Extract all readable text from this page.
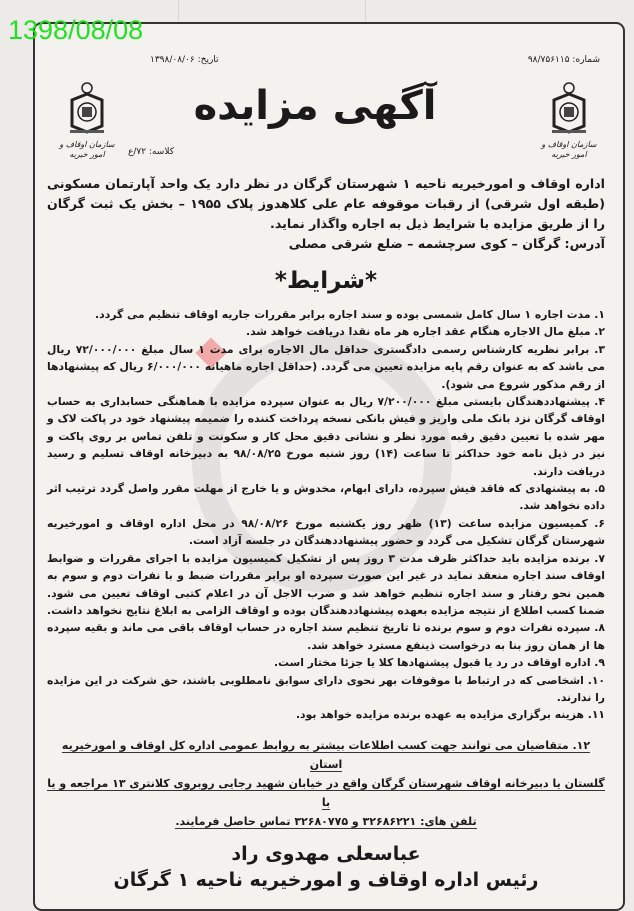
اداره اوقاف و امورخیریه ناحیه ۱ شهرستان گرگان در نظر دارد یک واحد آپارتمان مسکونی (طبقه اول شرقی) از رقبات موقوفه عام علی کلاهدوز پلاک ۱۹۵۵ – بخش یک ثبت گرگان را از طریق مزایده با شرایط ذیل به اجاره واگذار نماید.
آدرس: گرگان – کوی سرچشمه – ضلع شرقی مصلی
*شرایط*

۱. مدت اجاره ۱ سال کامل شمسی بوده و سند اجاره برابر مقررات جاریه اوقاف تنظیم می گردد.

۲. مبلغ مال الاجاره هنگام عقد اجاره هر ماه نقدا دریافت خواهد شد.

۳. برابر نظریه کارشناس رسمی دادگستری حداقل مال الاجاره برای مدت ۱ سال مبلغ ۷۲/۰۰۰/۰۰۰ ریال می باشد که به عنوان رقم پایه مزایده تعیین می گردد. (حداقل اجاره ماهیانه ۶/۰۰۰/۰۰۰ ریال که پیشنهادها از رقم مذکور شروع می شود).

۴. پیشنهاددهندگان بایستی مبلغ ۷/۲۰۰/۰۰۰ ریال به عنوان سپرده مزایده با هماهنگی حسابداری به حساب اوقاف گرگان نزد بانک ملی واریز و فیش بانکی نسخه پرداخت کننده را ضمیمه پیشنهاد خود در پاکت لاک و مهر شده با تعیین دقیق رقبه مورد نظر و نشانی دقیق محل کار و سکونت و تلفن تماس بر روی پاکت و نیز در ذیل نامه خود حداکثر تا ساعت (۱۴) روز شنبه مورخ ۹۸/۰۸/۲۵ به دبیرخانه اوقاف تسلیم و رسید دریافت دارند.

۵. به پیشنهادی که فاقد فیش سپرده، دارای ابهام، مخدوش و یا خارج از مهلت مقرر واصل گردد ترتیب اثر داده نخواهد شد.

۶. کمیسیون مزایده ساعت (۱۳) ظهر روز یکشنبه مورخ ۹۸/۰۸/۲۶ در محل اداره اوقاف و امورخیریه شهرستان گرگان تشکیل می گردد و حضور پیشنهاددهندگان در جلسه آزاد است.

۷. برنده مزایده باید حداکثر ظرف مدت ۳ روز پس از تشکیل کمیسیون مزایده با اجرای مقررات و ضوابط اوقاف سند اجاره منعقد نماید در غیر این صورت سپرده او برابر مقررات ضبط و با نفرات دوم و سوم به همین نحو رفتار و سند اجاره تنظیم خواهد شد و ضرب الاجل آن در اعلام کتبی اوقاف تعیین می شود. ضمنا کسب اطلاع از نتیجه مزایده بعهده پیشنهاددهندگان بوده و اوقاف الزامی به ابلاغ نتایج نخواهد داشت.

۸. سپرده نفرات دوم و سوم برنده تا تاریخ تنظیم سند اجاره در حساب اوقاف باقی می ماند و بقیه سپرده ها از همان روز بنا به درخواست ذینفع مسترد خواهد شد.

۹. اداره اوقاف در رد یا قبول پیشنهادها کلا یا جزئا مختار است.

۱۰. اشخاصی که در ارتباط با موقوفات بهر نحوی دارای سوابق نامطلوبی باشند، حق شرکت در این مزایده را ندارند.

۱۱. هزینه برگزاری مزایده به عهده برنده مزایده خواهد بود.

۱۲. متقاضیان می توانند جهت کسب اطلاعات بیشتر به روابط عمومی اداره کل اوقاف و امورخیریه استان
گلستان یا دبیرخانه اوقاف شهرستان گرگان واقع در خیابان شهید رجایی روبروی کلانتری ۱۳ مراجعه و یا با
تلفن های: ۳۲۶۸۶۲۲۱ و ۳۲۶۸۰۷۷۵ تماس حاصل فرمایند.
عباسعلی مهدوی راد
رئیس اداره اوقاف و امورخیریه ناحیه ۱ گرگان
1398/08/08
تاریخ: ۱۳۹۸/۰۸/۰۶	شماره: ۹۸/۷۵۶۱۱۵
سازمان اوقاف و امور خیریه
سازمان اوقاف و امور خیریه
آگهی مزایده
کلاسه: ۷۲/ع
